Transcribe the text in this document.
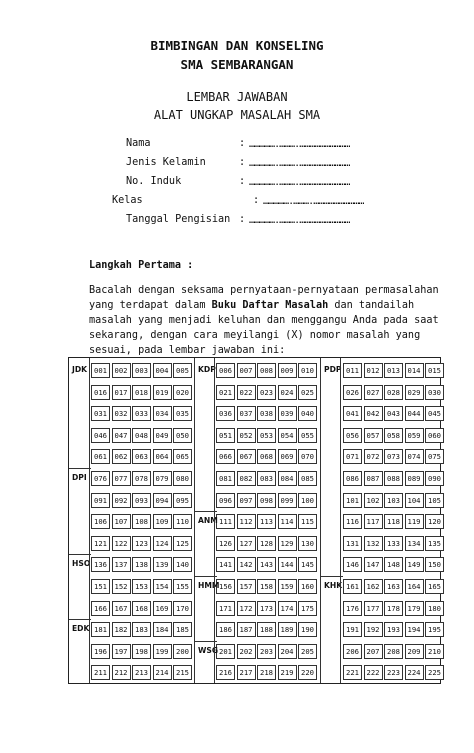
BIMBINGAN DAN KONSELING
SMA SEMBARANGAN
LEMBAR JAWABAN
ALAT UNGKAP MASALAH SMA
Nama	: …………….……….…………………………
Jenis Kelamin	: …………….……….…………………………
No. Induk	: …………….……….…………………………
Kelas	: …………….……….…………………………
Tanggal Pengisian : …………….……….…………………………
Langkah Pertama :
Bacalah dengan seksama pernyataan-pernyataan permasalahan
yang terdapat dalam Buku Daftar Masalah dan tandailah
masalah yang menjadi keluhan dan menggangu Anda pada saat
sekarang, dengan cara meyilangi (X) nomor masalah yang
sesuai, pada lembar jawaban ini:
001	002	003	004	005
016	017	018	019	020
031	032	033	034	035
046	047	048	049	050
061	062	063	064	065
076	077	078	079	080
091	092	093	094	095
106	107	108	109	110
121	122	123	124	125
136	137	138	139	140
151	152	153	154	155
166	167	168	169	170
181	182	183	184	185
196	197	198	199	200
211	212	213	214	215
JDK
DPI
HSO
EDK
006	007	008	009	010
021	022	023	024	025
036	037	038	039	040
051	052	053	054	055
066	067	068	069	070
081	082	083	084	085
096	097	098	099	100
111	112	113	114	115
126	127	128	129	130
141	142	143	144	145
156	157	158	159	160
171	172	173	174	175
186	187	188	189	190
201	202	203	204	205
216	217	218	219	220
KDP
ANM
HMM
WSG
011	012	013	014	015
026	027	028	029	030
041	042	043	044	045
056	057	058	059	060
071	072	073	074	075
086	087	088	089	090
101	102	103	104	105
116	117	118	119	120
131	132	133	134	135
146	147	148	149	150
161	162	163	164	165
176	177	178	179	180
191	192	193	194	195
206	207	208	209	210
221	222	223	224	225
PDP
KHK
